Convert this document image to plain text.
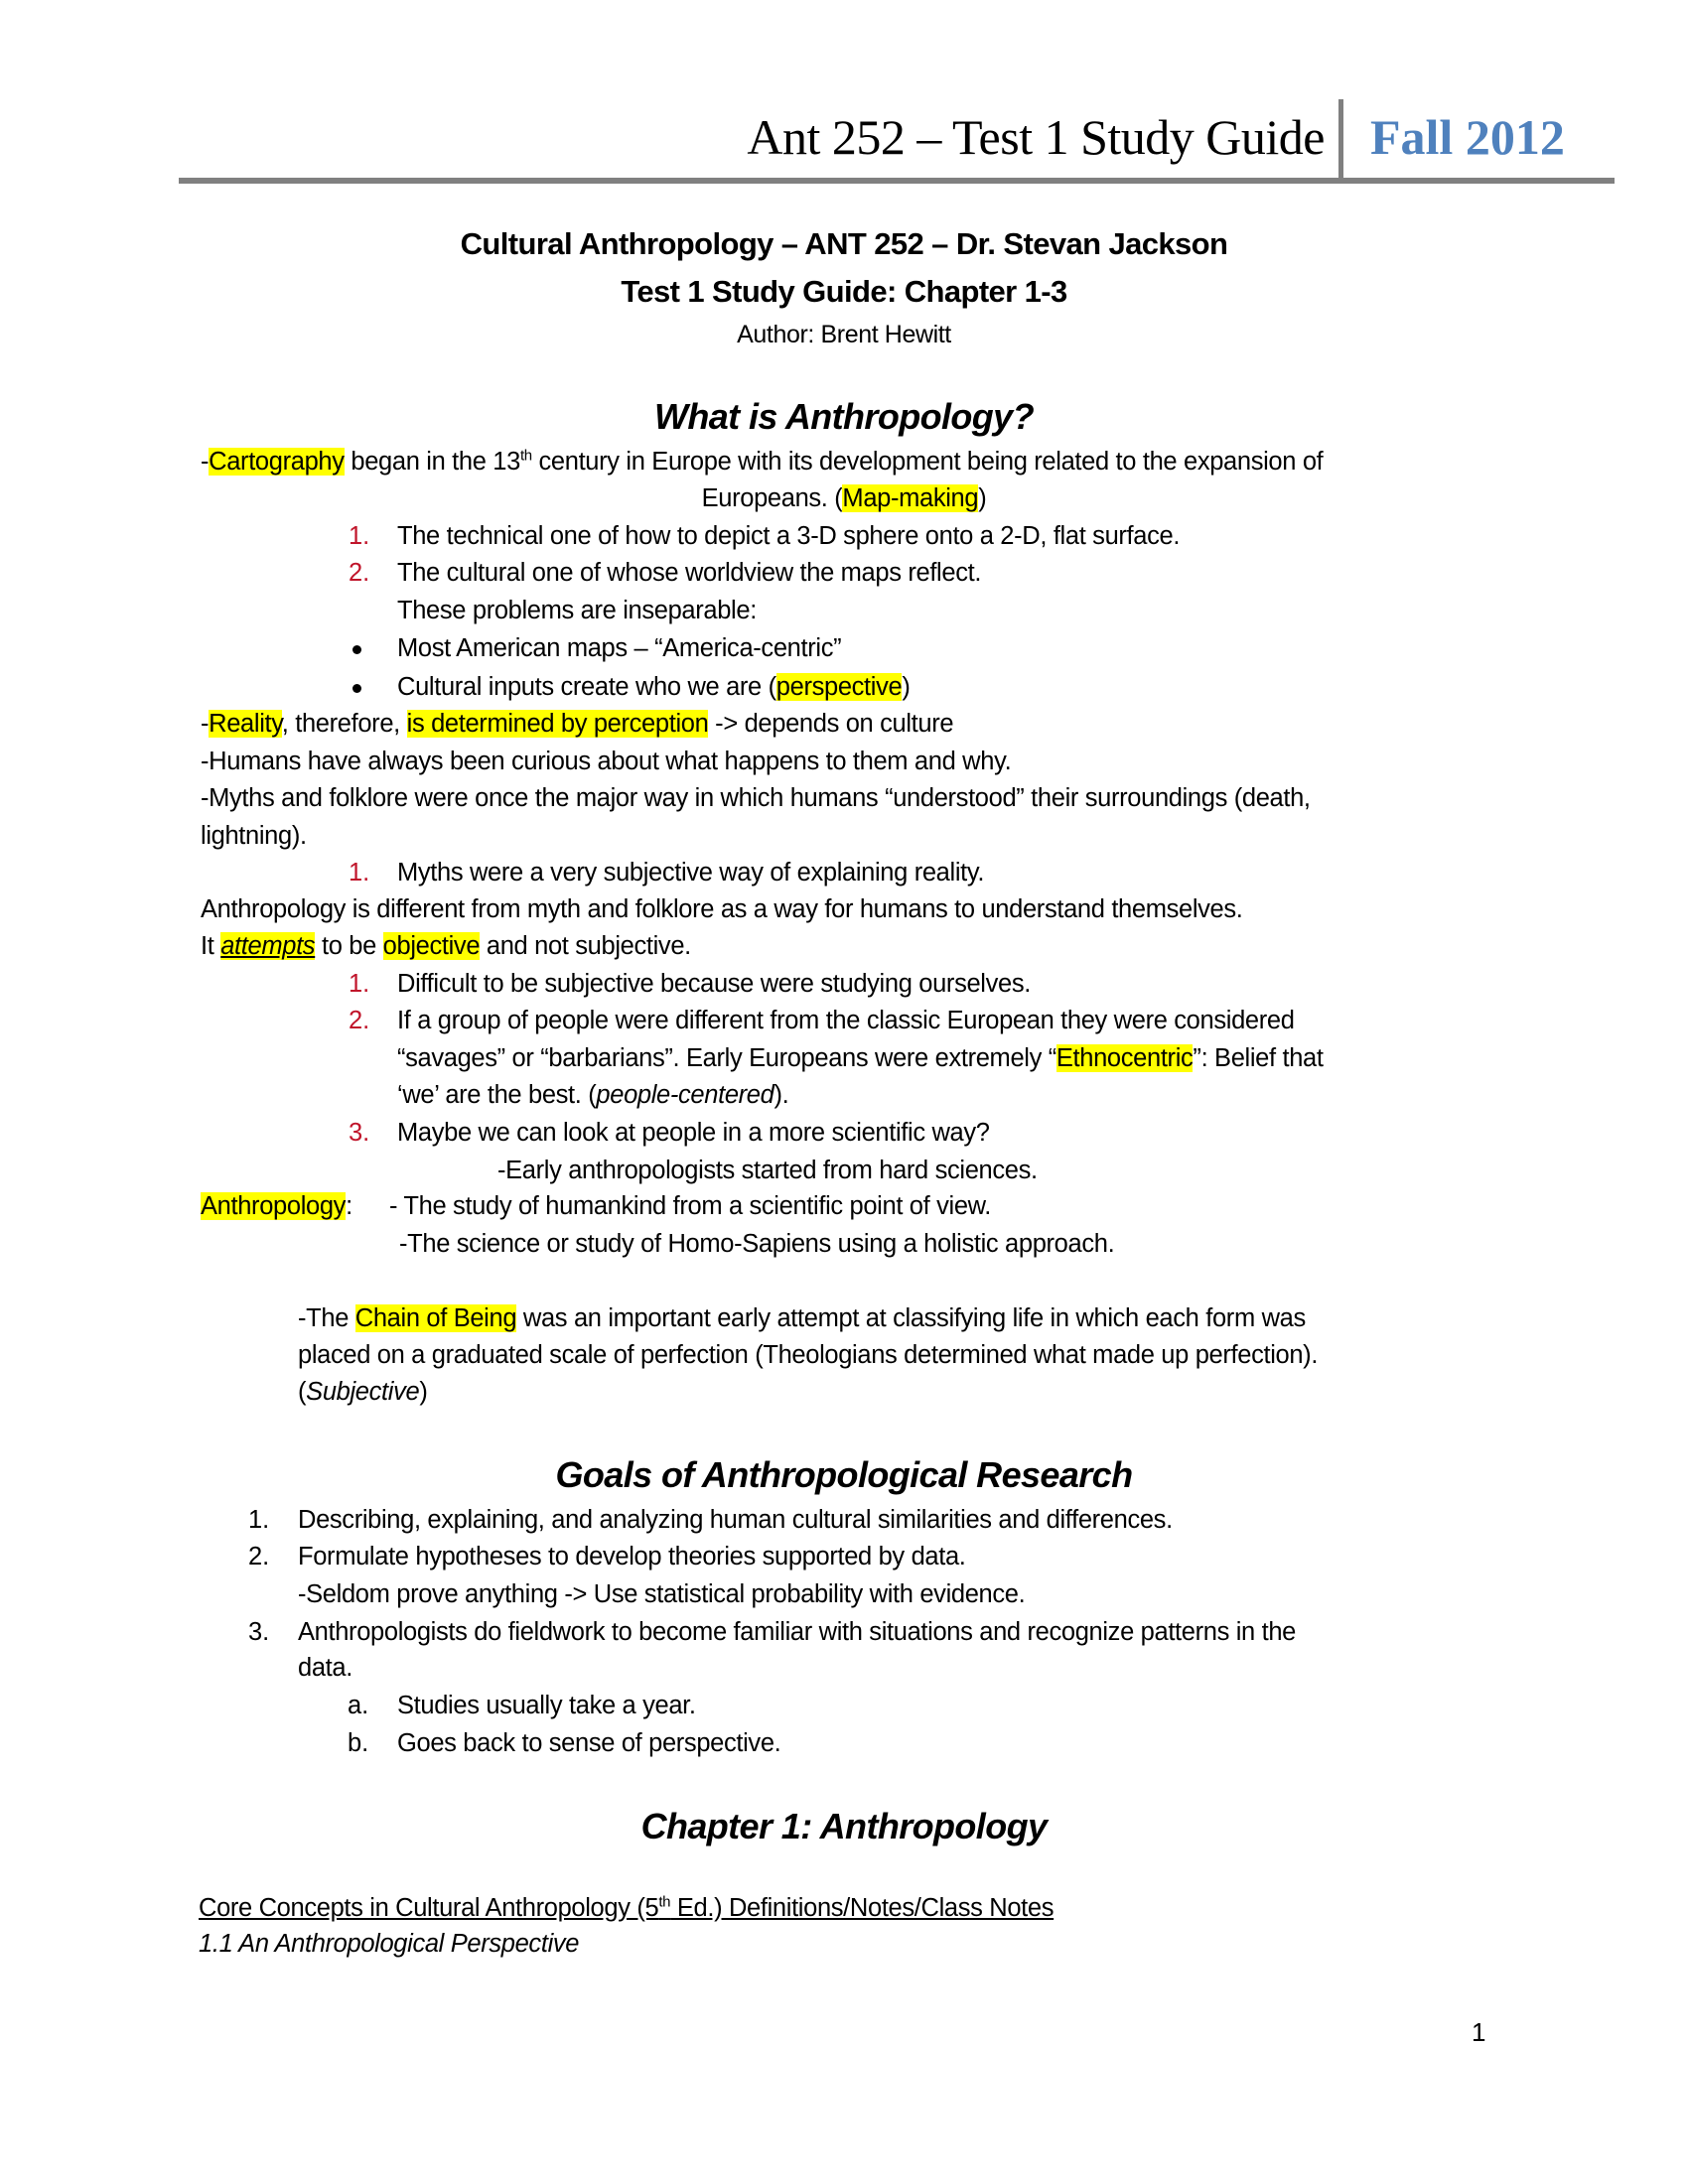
Ant 252 – Test 1 Study Guide Fall 2012
Cultural Anthropology – ANT 252 – Dr. Stevan Jackson
Test 1 Study Guide: Chapter 1-3
Author: Brent Hewitt
What is Anthropology?
-Cartography began in the 13th century in Europe with its development being related to the expansion of
Europeans. (Map-making)
1. The technical one of how to depict a 3-D sphere onto a 2-D, flat surface.
2. The cultural one of whose worldview the maps reflect.
These problems are inseparable:
Most American maps – “America-centric”
Cultural inputs create who we are (perspective)
-Reality, therefore, is determined by perception -> depends on culture
-Humans have always been curious about what happens to them and why.
-Myths and folklore were once the major way in which humans “understood” their surroundings (death,
lightning).
1. Myths were a very subjective way of explaining reality.
Anthropology is different from myth and folklore as a way for humans to understand themselves.
It attempts to be objective and not subjective.
1. Difficult to be subjective because were studying ourselves.
2. If a group of people were different from the classic European they were considered
“savages” or “barbarians”. Early Europeans were extremely “Ethnocentric”: Belief that
‘we’ are the best. (people-centered).
3. Maybe we can look at people in a more scientific way?
-Early anthropologists started from hard sciences.
Anthropology: - The study of humankind from a scientific point of view.
-The science or study of Homo-Sapiens using a holistic approach.
-The Chain of Being was an important early attempt at classifying life in which each form was
placed on a graduated scale of perfection (Theologians determined what made up perfection).
(Subjective)
Goals of Anthropological Research
1. Describing, explaining, and analyzing human cultural similarities and differences.
2. Formulate hypotheses to develop theories supported by data.
-Seldom prove anything -> Use statistical probability with evidence.
3. Anthropologists do fieldwork to become familiar with situations and recognize patterns in the
data.
a. Studies usually take a year.
b. Goes back to sense of perspective.
Chapter 1: Anthropology
Core Concepts in Cultural Anthropology (5th Ed.) Definitions/Notes/Class Notes
1.1 An Anthropological Perspective
1
